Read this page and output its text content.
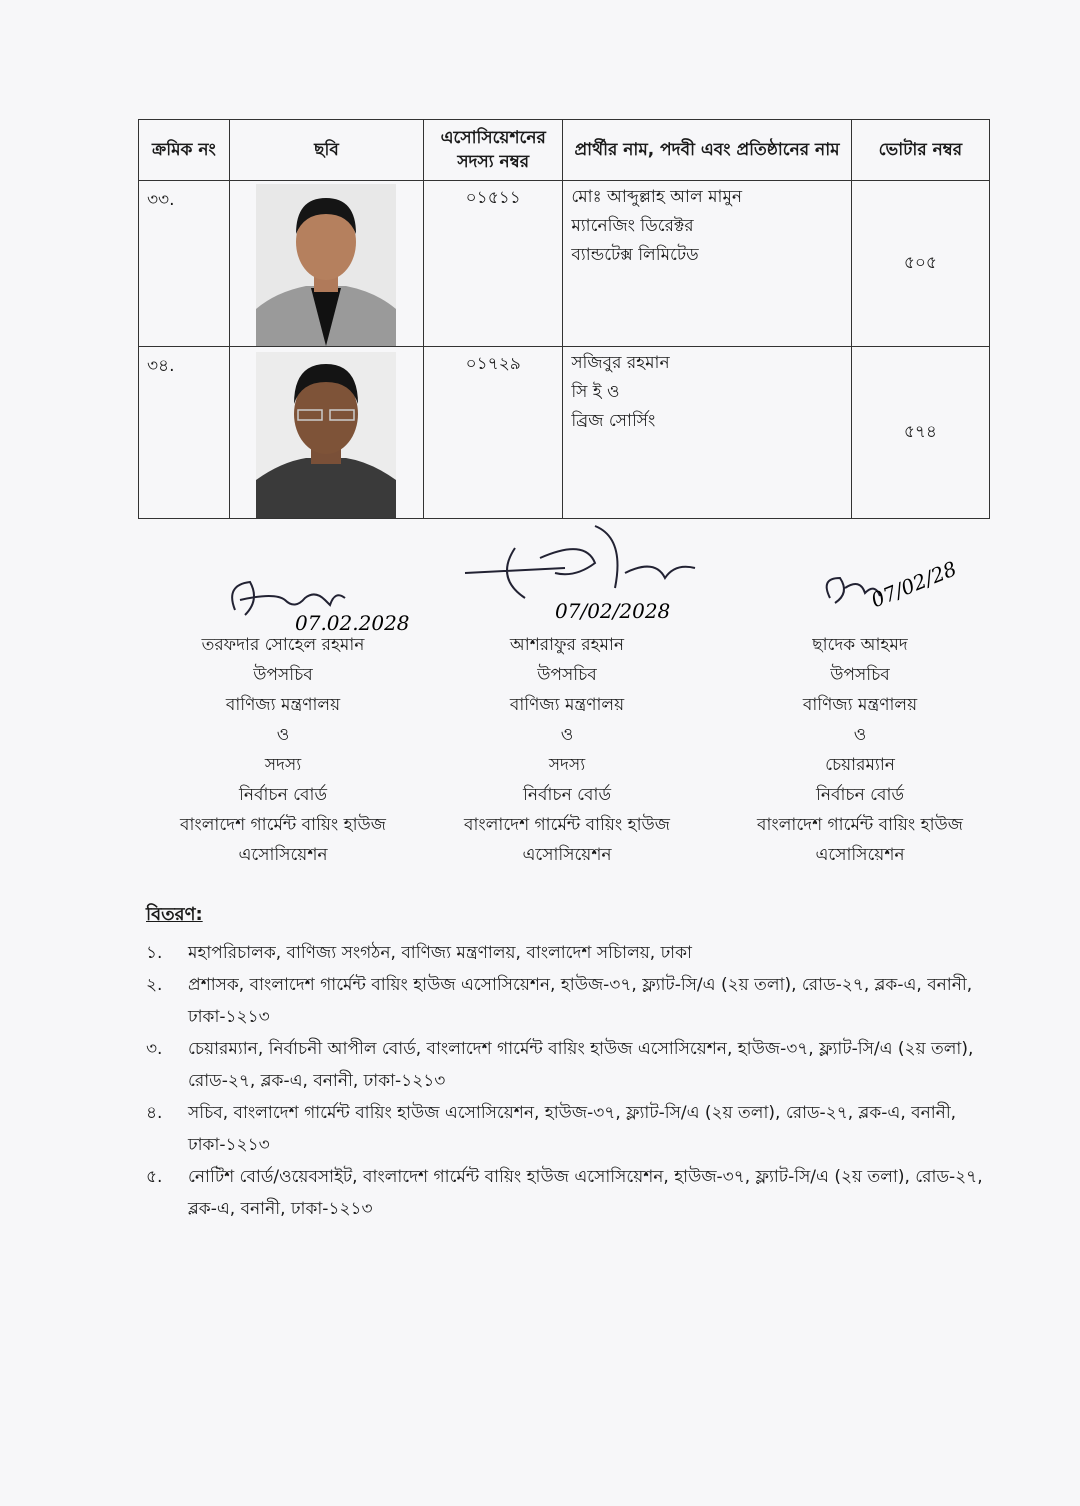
ক্রমিক নং	ছবি	এসোসিয়েশনের সদস্য নম্বর	প্রার্থীর নাম, পদবী এবং প্রতিষ্ঠানের নাম	ভোটার নম্বর
৩৩.		০১৫১১	মোঃ আব্দুল্লাহ আল মামুন
ম্যানেজিং ডিরেক্টর
ব্যান্ডটেক্স লিমিটেড	৫০৫
৩৪.		০১৭২৯	সজিবুর রহমান
সি ই ও
ব্রিজ সোর্সিং	৫৭৪
07.02.2028	07/02/2028	07/02/28
তরফদার সোহেল রহমান
উপসচিব
বাণিজ্য মন্ত্রণালয়
ও
সদস্য
নির্বাচন বোর্ড
বাংলাদেশ গার্মেন্ট বায়িং হাউজ
এসোসিয়েশন
আশরাফুর রহমান
উপসচিব
বাণিজ্য মন্ত্রণালয়
ও
সদস্য
নির্বাচন বোর্ড
বাংলাদেশ গার্মেন্ট বায়িং হাউজ
এসোসিয়েশন
ছাদেক আহমদ
উপসচিব
বাণিজ্য মন্ত্রণালয়
ও
চেয়ারম্যান
নির্বাচন বোর্ড
বাংলাদেশ গার্মেন্ট বায়িং হাউজ
এসোসিয়েশন
বিতরণ:
১.	মহাপরিচালক, বাণিজ্য সংগঠন, বাণিজ্য মন্ত্রণালয়, বাংলাদেশ সচিালয়, ঢাকা
২.	প্রশাসক, বাংলাদেশ গার্মেন্ট বায়িং হাউজ এসোসিয়েশন, হাউজ-৩৭, ফ্ল্যাট-সি/এ (২য় তলা), রোড-২৭, ব্লক-এ, বনানী, ঢাকা-১২১৩
৩.	চেয়ারম্যান, নির্বাচনী আপীল বোর্ড, বাংলাদেশ গার্মেন্ট বায়িং হাউজ এসোসিয়েশন, হাউজ-৩৭, ফ্ল্যাট-সি/এ (২য় তলা), রোড-২৭, ব্লক-এ, বনানী, ঢাকা-১২১৩
৪.	সচিব, বাংলাদেশ গার্মেন্ট বায়িং হাউজ এসোসিয়েশন, হাউজ-৩৭, ফ্ল্যাট-সি/এ (২য় তলা), রোড-২৭, ব্লক-এ, বনানী, ঢাকা-১২১৩
৫.	নোটিশ বোর্ড/ওয়েবসাইট, বাংলাদেশ গার্মেন্ট বায়িং হাউজ এসোসিয়েশন, হাউজ-৩৭, ফ্ল্যাট-সি/এ (২য় তলা), রোড-২৭, ব্লক-এ, বনানী, ঢাকা-১২১৩
